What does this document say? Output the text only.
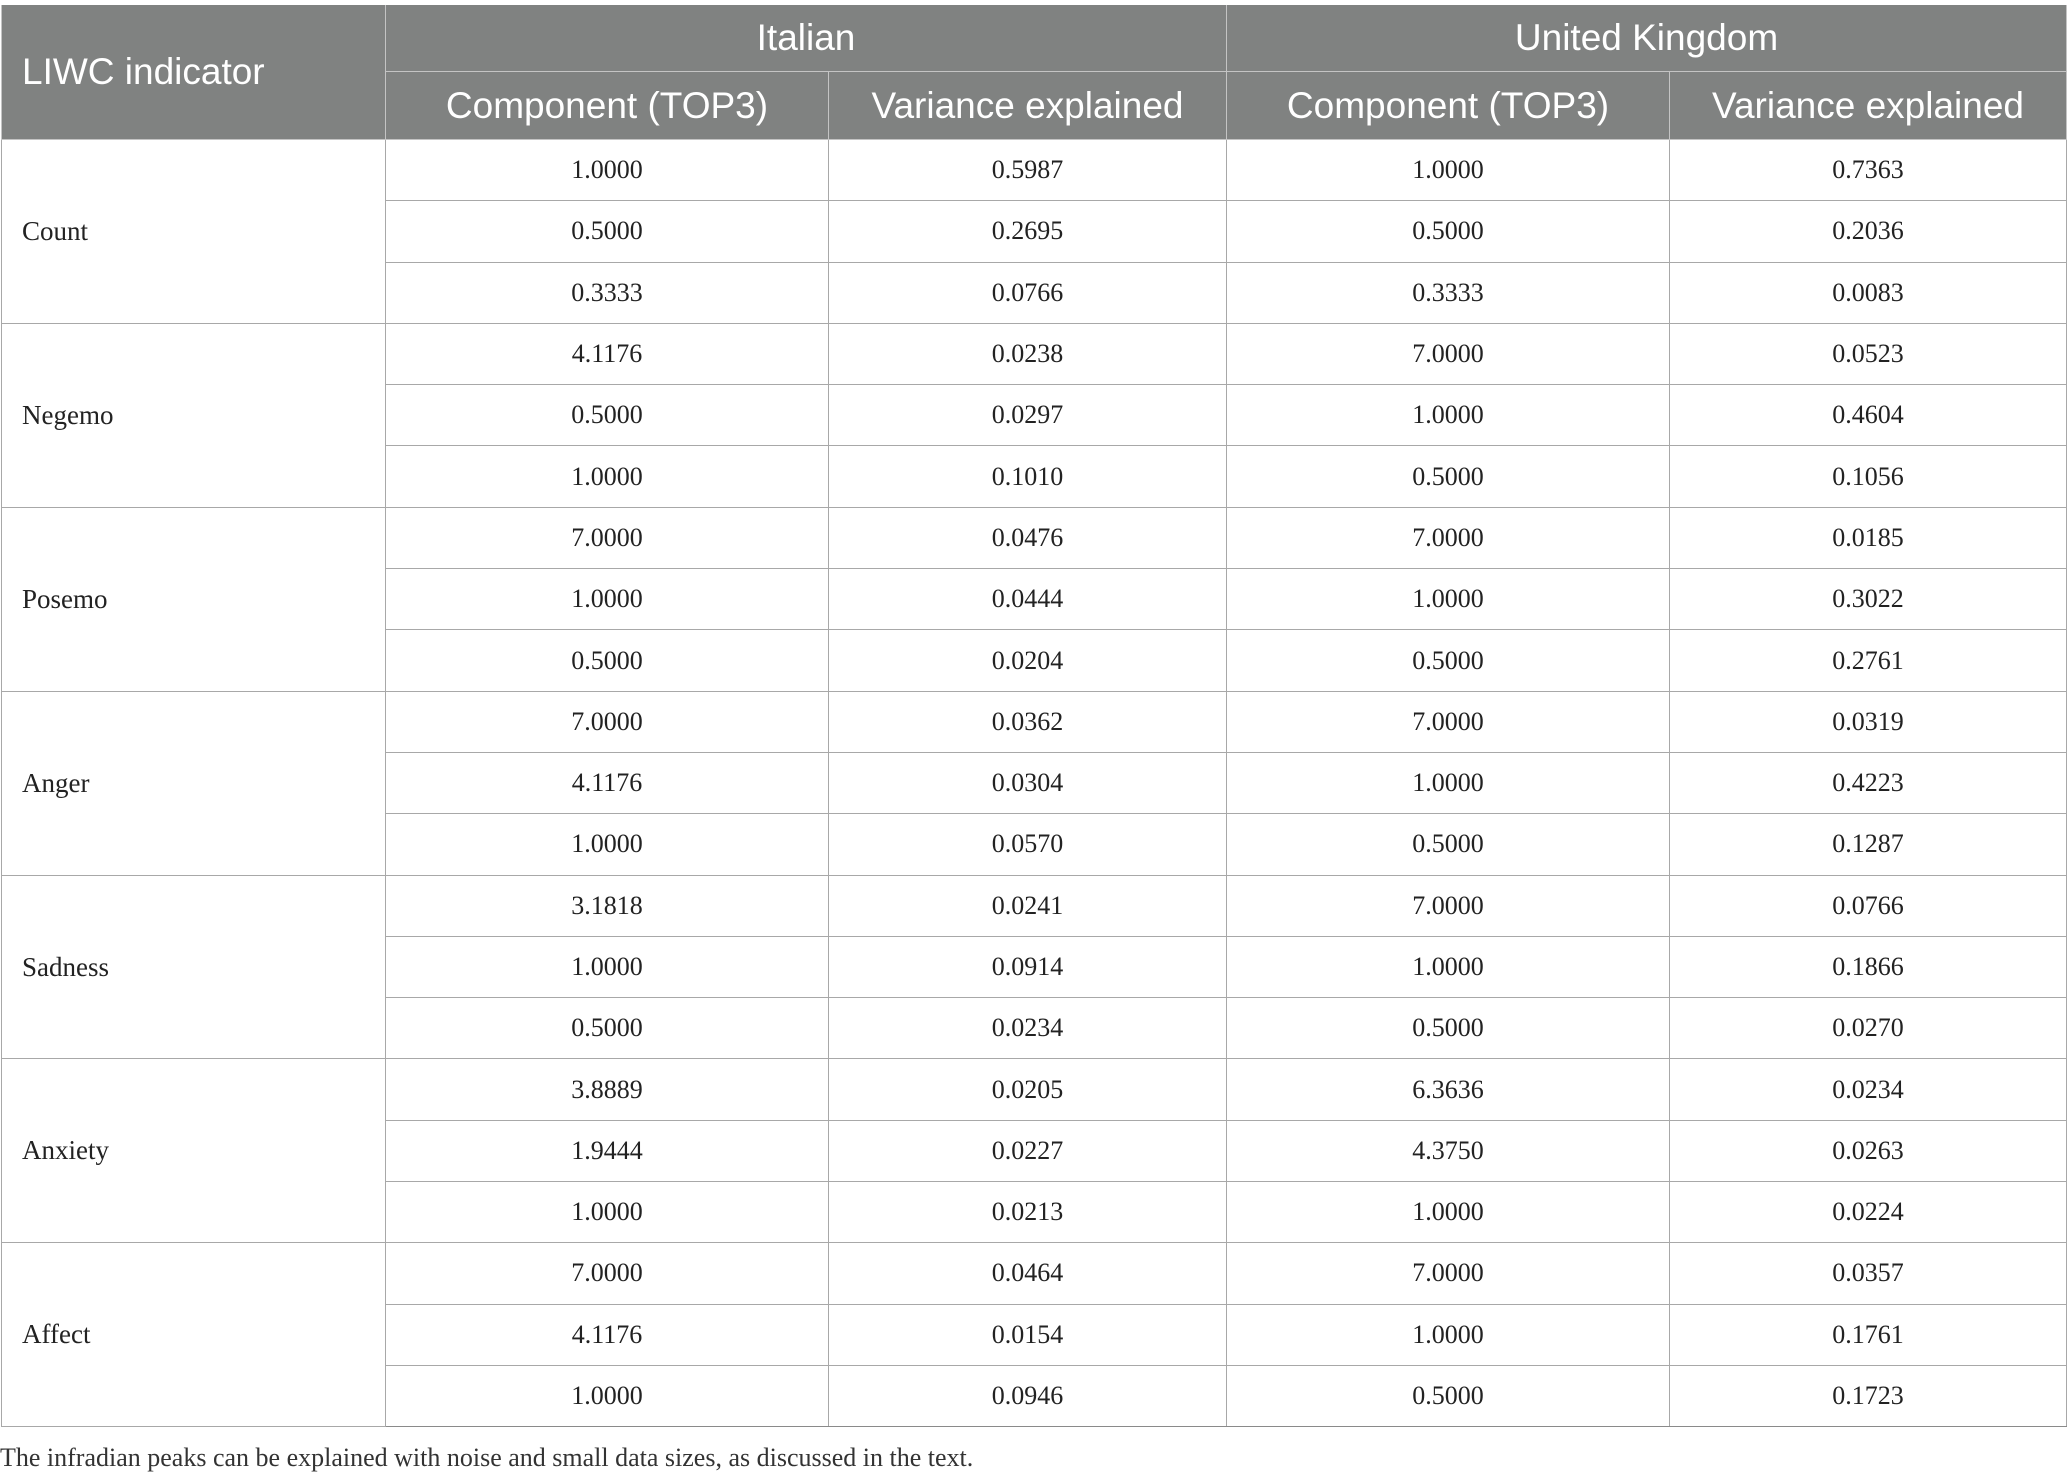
LIWC indicator	Italian		United Kingdom	
	Component (TOP3)	Variance explained	Component (TOP3)	Variance explained
Count	1.0000	0.5987	1.0000	0.7363
	0.5000	0.2695	0.5000	0.2036
	0.3333	0.0766	0.3333	0.0083
Negemo	4.1176	0.0238	7.0000	0.0523
	0.5000	0.0297	1.0000	0.4604
	1.0000	0.1010	0.5000	0.1056
Posemo	7.0000	0.0476	7.0000	0.0185
	1.0000	0.0444	1.0000	0.3022
	0.5000	0.0204	0.5000	0.2761
Anger	7.0000	0.0362	7.0000	0.0319
	4.1176	0.0304	1.0000	0.4223
	1.0000	0.0570	0.5000	0.1287
Sadness	3.1818	0.0241	7.0000	0.0766
	1.0000	0.0914	1.0000	0.1866
	0.5000	0.0234	0.5000	0.0270
Anxiety	3.8889	0.0205	6.3636	0.0234
	1.9444	0.0227	4.3750	0.0263
	1.0000	0.0213	1.0000	0.0224
Affect	7.0000	0.0464	7.0000	0.0357
	4.1176	0.0154	1.0000	0.1761
	1.0000	0.0946	0.5000	0.1723
The infradian peaks can be explained with noise and small data sizes, as discussed in the text.
